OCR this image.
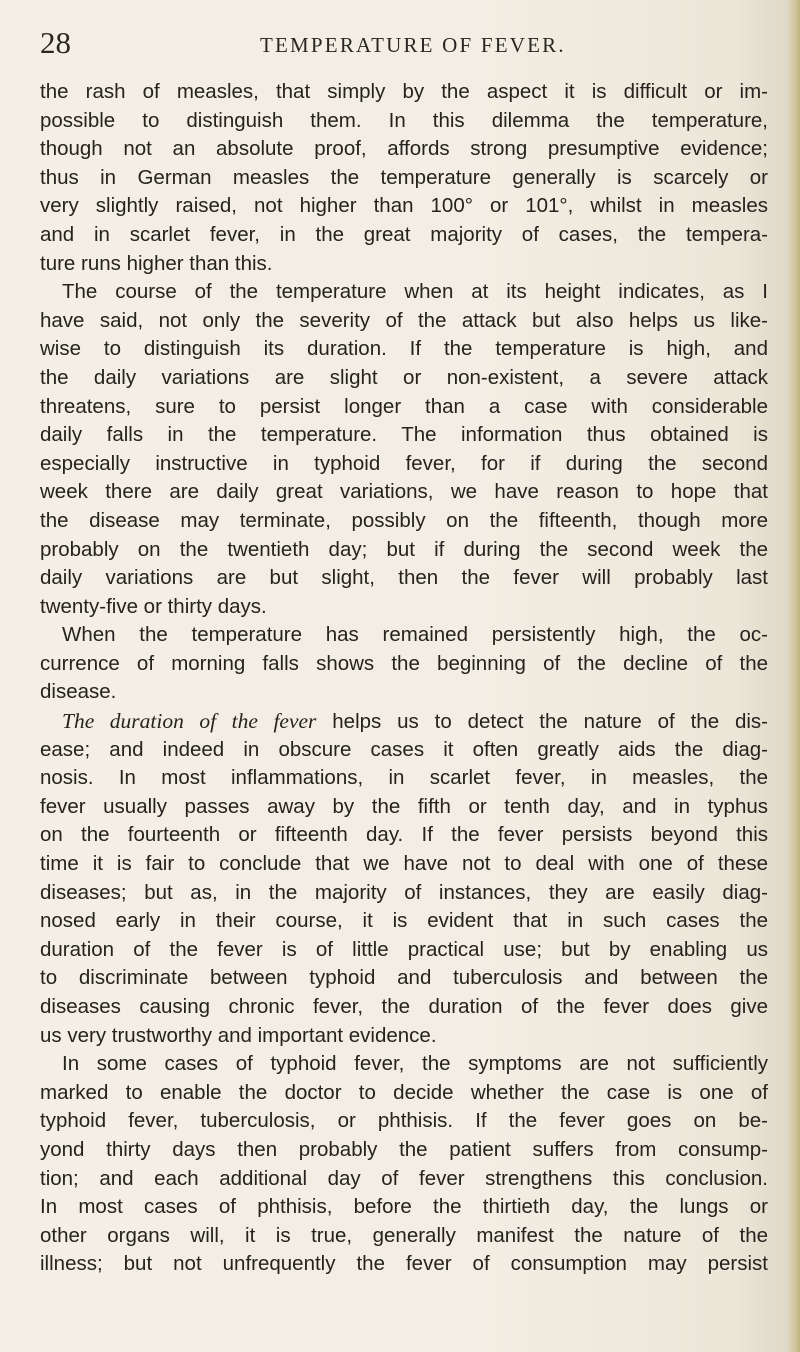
28	TEMPERATURE OF FEVER.
the rash of measles, that simply by the aspect it is difficult or im-
possible to distinguish them. In this dilemma the temperature,
though not an absolute proof, affords strong presumptive evidence;
thus in German measles the temperature generally is scarcely or
very slightly raised, not higher than 100° or 101°, whilst in measles
and in scarlet fever, in the great majority of cases, the tempera-
ture runs higher than this.
The course of the temperature when at its height indicates, as I
have said, not only the severity of the attack but also helps us like-
wise to distinguish its duration. If the temperature is high, and
the daily variations are slight or non-existent, a severe attack
threatens, sure to persist longer than a case with considerable
daily falls in the temperature. The information thus obtained is
especially instructive in typhoid fever, for if during the second
week there are daily great variations, we have reason to hope that
the disease may terminate, possibly on the fifteenth, though more
probably on the twentieth day; but if during the second week the
daily variations are but slight, then the fever will probably last
twenty-five or thirty days.
When the temperature has remained persistently high, the oc-
currence of morning falls shows the beginning of the decline of the
disease.
The duration of the fever helps us to detect the nature of the dis-
ease; and indeed in obscure cases it often greatly aids the diag-
nosis. In most inflammations, in scarlet fever, in measles, the
fever usually passes away by the fifth or tenth day, and in typhus
on the fourteenth or fifteenth day. If the fever persists beyond this
time it is fair to conclude that we have not to deal with one of these
diseases; but as, in the majority of instances, they are easily diag-
nosed early in their course, it is evident that in such cases the
duration of the fever is of little practical use; but by enabling us
to discriminate between typhoid and tuberculosis and between the
diseases causing chronic fever, the duration of the fever does give
us very trustworthy and important evidence.
In some cases of typhoid fever, the symptoms are not sufficiently
marked to enable the doctor to decide whether the case is one of
typhoid fever, tuberculosis, or phthisis. If the fever goes on be-
yond thirty days then probably the patient suffers from consump-
tion; and each additional day of fever strengthens this conclusion.
In most cases of phthisis, before the thirtieth day, the lungs or
other organs will, it is true, generally manifest the nature of the
illness; but not unfrequently the fever of consumption may persist
